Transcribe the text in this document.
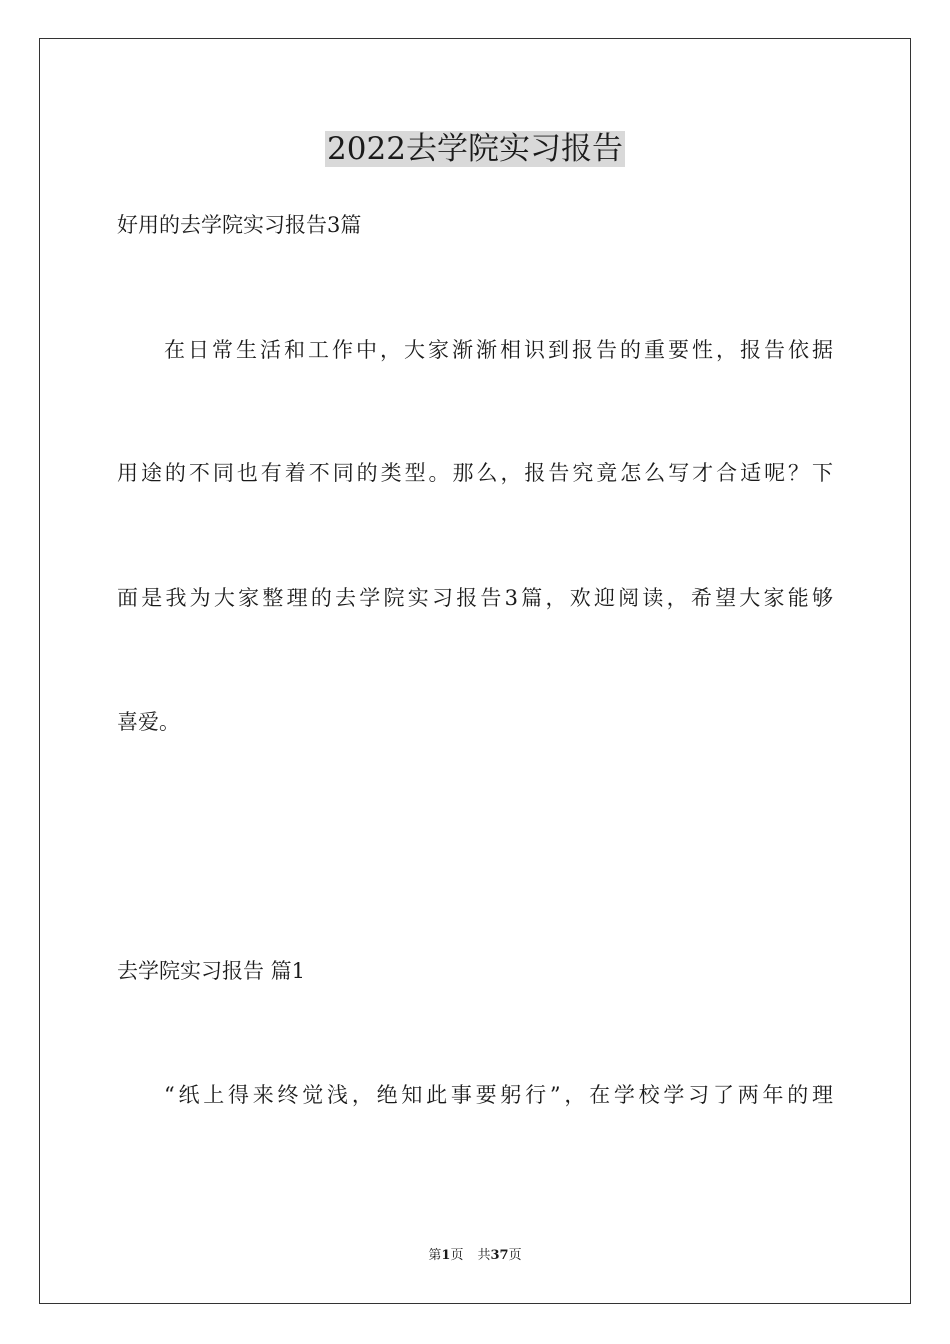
2022去学院实习报告

好用的去学院实习报告3篇

在日常生活和工作中，大家渐渐相识到报告的重要性，报告依据

用途的不同也有着不同的类型。那么，报告究竟怎么写才合适呢？下

面是我为大家整理的去学院实习报告3篇，欢迎阅读，希望大家能够

喜爱。

去学院实习报告 篇1

“纸上得来终觉浅，绝知此事要躬行”，在学校学习了两年的理

第1页 共37页
